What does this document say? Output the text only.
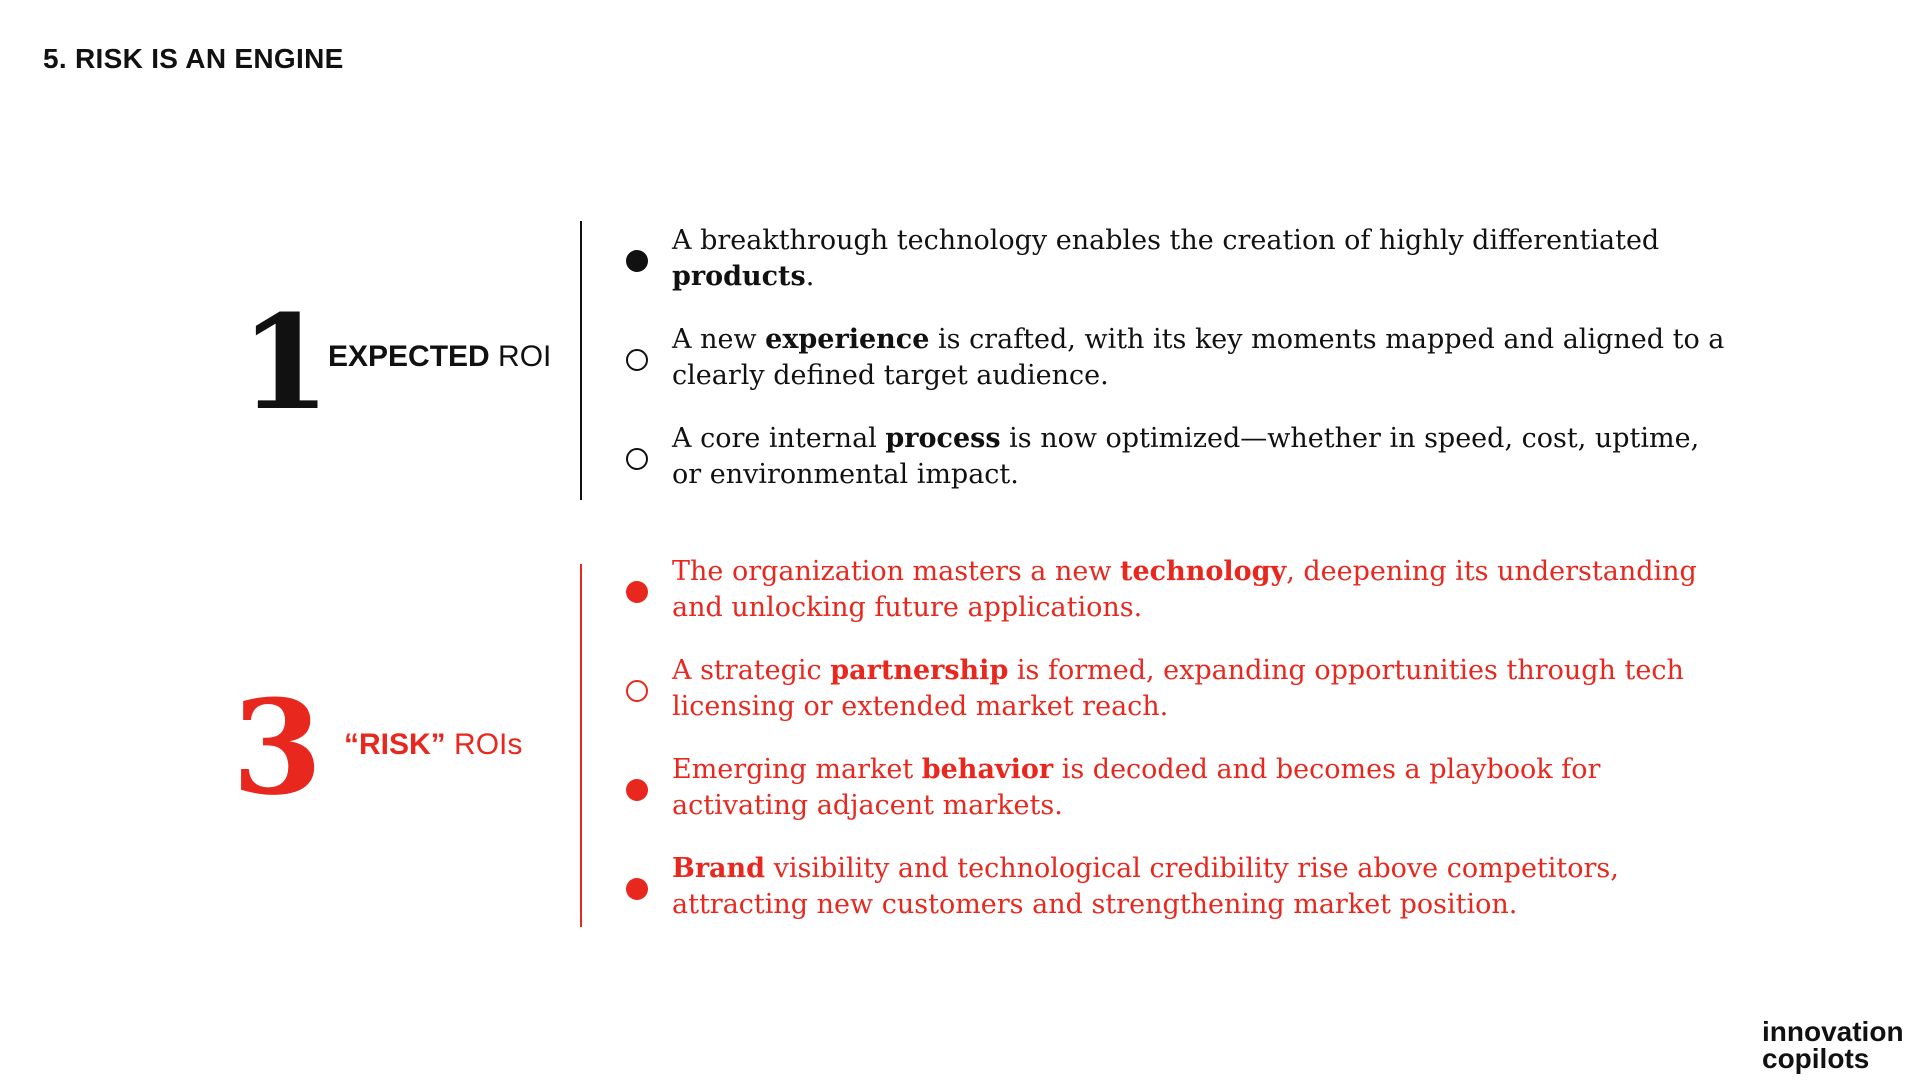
5. RISK IS AN ENGINE
1
EXPECTED ROI
A breakthrough technology enables the creation of highly differentiated products.
A new experience is crafted, with its key moments mapped and aligned to a clearly defined target audience.
A core internal process is now optimized—whether in speed, cost, uptime, or environmental impact.
3 “RISK” ROIs
The organization masters a new technology, deepening its understanding and unlocking future applications.
A strategic partnership is formed, expanding opportunities through tech licensing or extended market reach.
Emerging market behavior is decoded and becomes a playbook for activating adjacent markets.
Brand visibility and technological credibility rise above competitors, attracting new customers and strengthening market position.
innovation
copilots
